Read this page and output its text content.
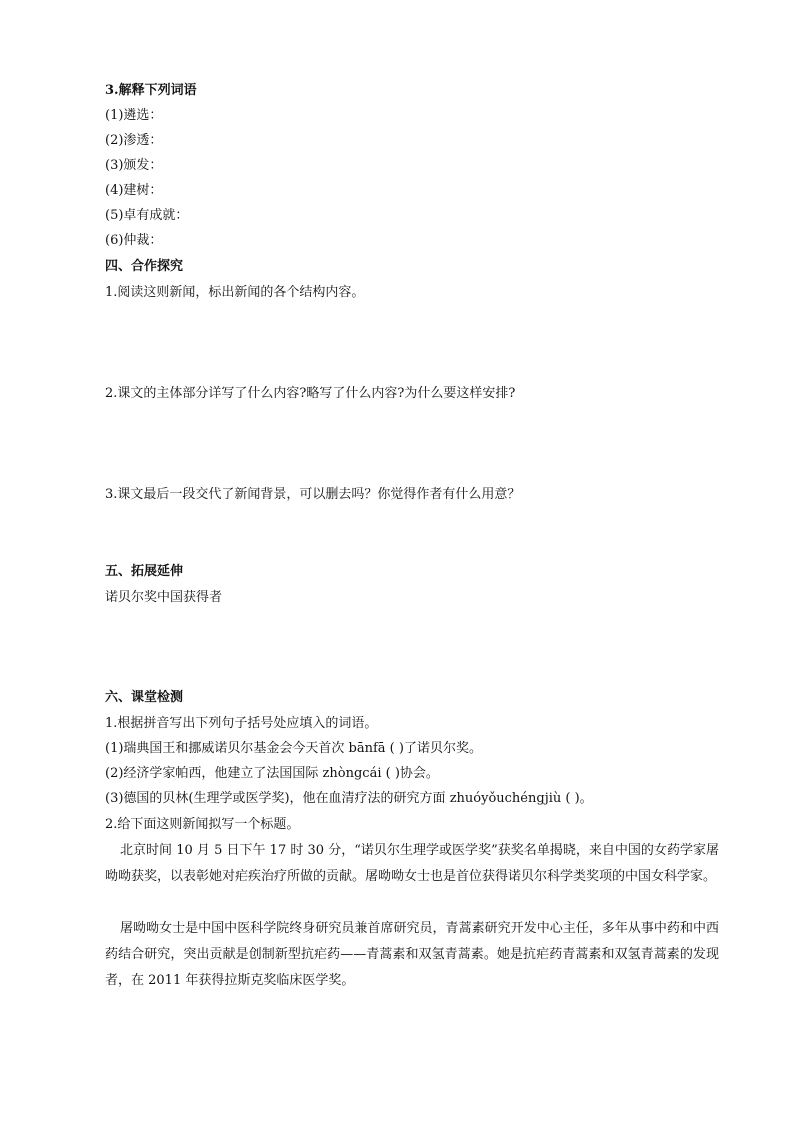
3.解释下列词语
(1)遴选：
(2)渗透：
(3)颁发：
(4)建树：
(5)卓有成就：
(6)仲裁：
四、合作探究
1.阅读这则新闻，标出新闻的各个结构内容。
2.课文的主体部分详写了什么内容?略写了什么内容?为什么要这样安排?
3.课文最后一段交代了新闻背景，可以删去吗？你觉得作者有什么用意？
五、拓展延伸
诺贝尔奖中国获得者
六、课堂检测
1.根据拼音写出下列句子括号处应填入的词语。
(1)瑞典国王和挪威诺贝尔基金会今天首次 bānfā ( )了诺贝尔奖。
(2)经济学家帕西，他建立了法国国际 zhòngcái ( )协会。
(3)德国的贝林(生理学或医学奖)，他在血清疗法的研究方面 zhuóyǒuchéngjiù ( )。
2.给下面这则新闻拟写一个标题。
北京时间 10 月 5 日下午 17 时 30 分，“诺贝尔生理学或医学奖”获奖名单揭晓，来自中国的女药学家屠呦呦获奖，以表彰她对疟疾治疗所做的贡献。屠呦呦女士也是首位获得诺贝尔科学类奖项的中国女科学家。
屠呦呦女士是中国中医科学院终身研究员兼首席研究员，青蒿素研究开发中心主任，多年从事中药和中西药结合研究，突出贡献是创制新型抗疟药——青蒿素和双氢青蒿素。她是抗疟药青蒿素和双氢青蒿素的发现者，在 2011 年获得拉斯克奖临床医学奖。
